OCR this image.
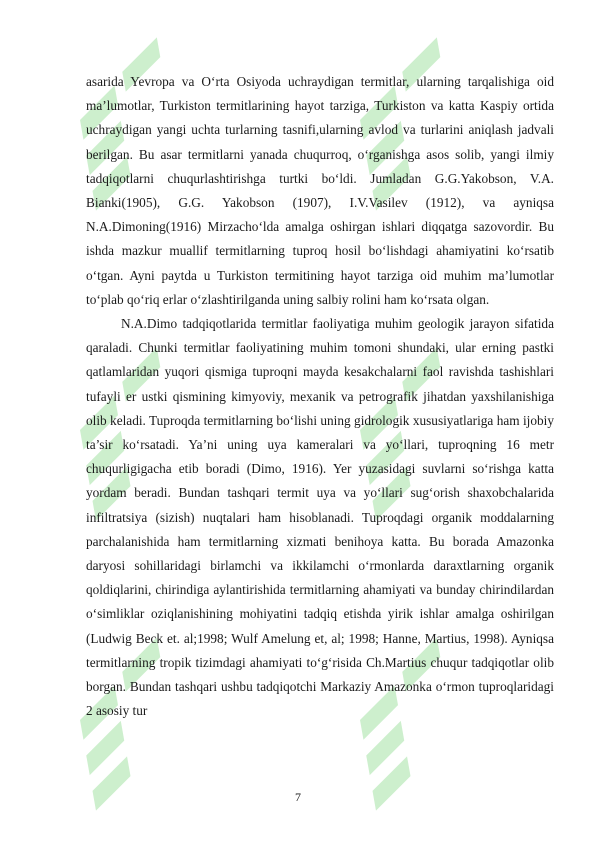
asarida Yevropa va O‘rta Osiyoda uchraydigan termitlar, ularning tarqalishiga oid ma’lumotlar, Turkiston termitlarining hayot tarziga, Turkiston va katta Kaspiy ortida uchraydigan yangi uchta turlarning tasnifi,ularning avlod va turlarini aniqlash jadvali berilgan. Bu asar termitlarni yanada chuqurroq, o‘rganishga asos solib, yangi ilmiy tadqiqotlarni chuqurlashtirishga turtki bo‘ldi. Jumladan G.G.Yakobson, V.A. Bianki(1905), G.G. Yakobson (1907), I.V.Vasilev (1912), va ayniqsa N.A.Dimoning(1916) Mirzacho‘lda amalga oshirgan ishlari diqqatga sazovordir. Bu ishda mazkur muallif termitlarning tuproq hosil bo‘lishdagi ahamiyatini ko‘rsatib o‘tgan. Ayni paytda u Turkiston termitining hayot tarziga oid muhim ma’lumotlar to‘plab qo‘riq erlar o‘zlashtirilganda uning salbiy rolini ham ko‘rsata olgan.

N.A.Dimo tadqiqotlarida termitlar faoliyatiga muhim geologik jarayon sifatida qaraladi. Chunki termitlar faoliyatining muhim tomoni shundaki, ular erning pastki qatlamlaridan yuqori qismiga tuproqni mayda kesakchalarni faol ravishda tashishlari tufayli er ustki qismining kimyoviy, mexanik va petrografik jihatdan yaxshilanishiga olib keladi. Tuproqda termitlarning bo‘lishi uning gidrologik xususiyatlariga ham ijobiy ta’sir ko‘rsatadi. Ya’ni uning uya kameralari va yo‘llari, tuproqning 16 metr chuqurligigacha etib boradi (Dimo, 1916). Yer yuzasidagi suvlarni so‘rishga katta yordam beradi. Bundan tashqari termit uya va yo‘llari sug‘orish shaxobchalarida infiltratsiya (sizish) nuqtalari ham hisoblanadi. Tuproqdagi organik moddalarning parchalanishida ham termitlarning xizmati benihoya katta. Bu borada Amazonka daryosi sohillaridagi birlamchi va ikkilamchi o‘rmonlarda daraxtlarning organik qoldiqlarini, chirindiga aylantirishida termitlarning ahamiyati va bunday chirindilardan o‘simliklar oziqlanishining mohiyatini tadqiq etishda yirik ishlar amalga oshirilgan (Ludwig Beck et. al;1998; Wulf Amelung et, al; 1998; Hanne, Martius, 1998). Ayniqsa termitlarning tropik tizimdagi ahamiyati to‘g‘risida Ch.Martius chuqur tadqiqotlar olib borgan. Bundan tashqari ushbu tadqiqotchi Markaziy Amazonka o‘rmon tuproqlaridagi 2 asosiy tur

7
